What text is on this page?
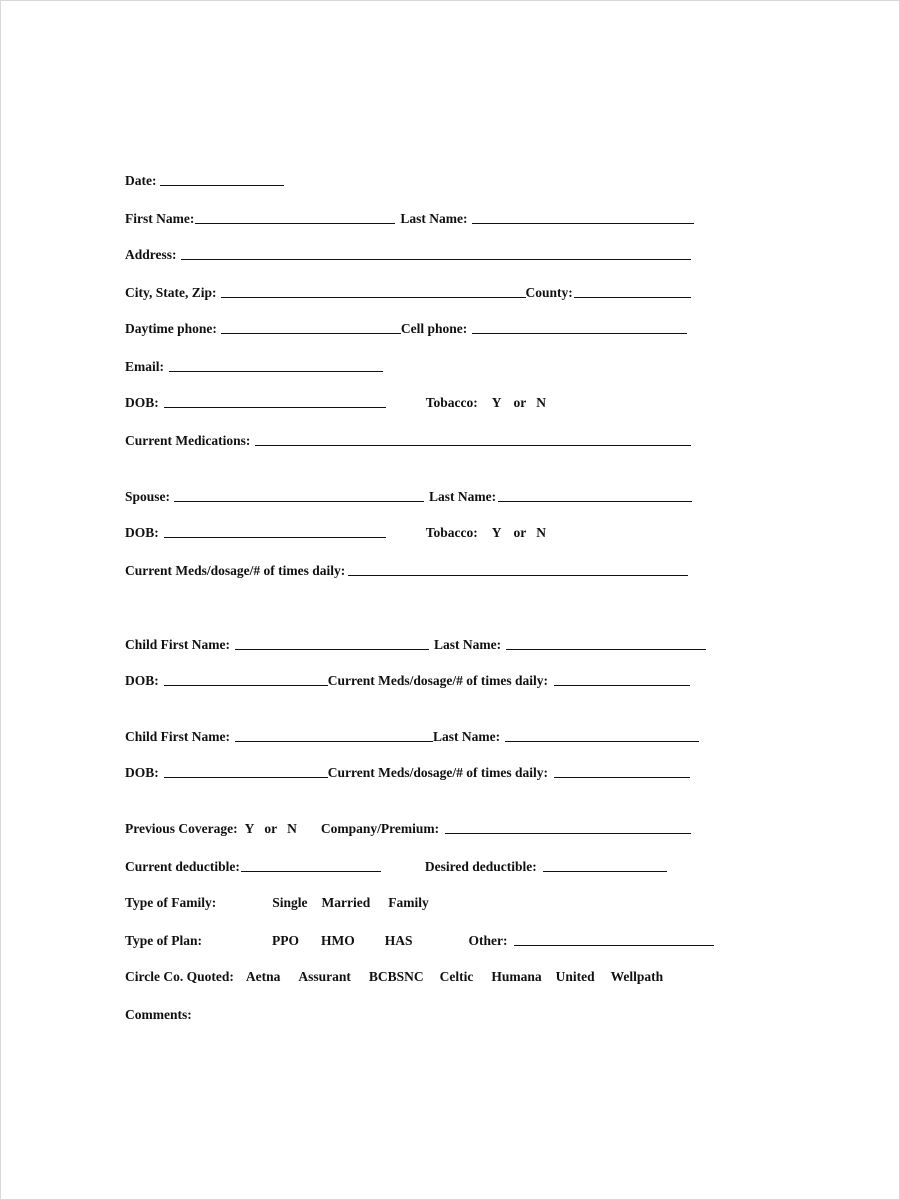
Date:
First Name:	Last Name:
Address:
City, State, Zip:	County:
Daytime phone:	Cell phone:
Email:
DOB:	Tobacco: Y or N
Current Medications:
Spouse:	Last Name:
DOB:	Tobacco: Y or N
Current Meds/dosage/# of times daily:
Child First Name:	Last Name:
DOB:	Current Meds/dosage/# of times daily:
Child First Name:	Last Name:
DOB:	Current Meds/dosage/# of times daily:
Previous Coverage: Y or N Company/Premium:
Current deductible:	Desired deductible:
Type of Family:	Single Married Family
Type of Plan:	PPO HMO HAS	Other:
Circle Co. Quoted: Aetna Assurant BCBSNC Celtic Humana United Wellpath
Comments:
